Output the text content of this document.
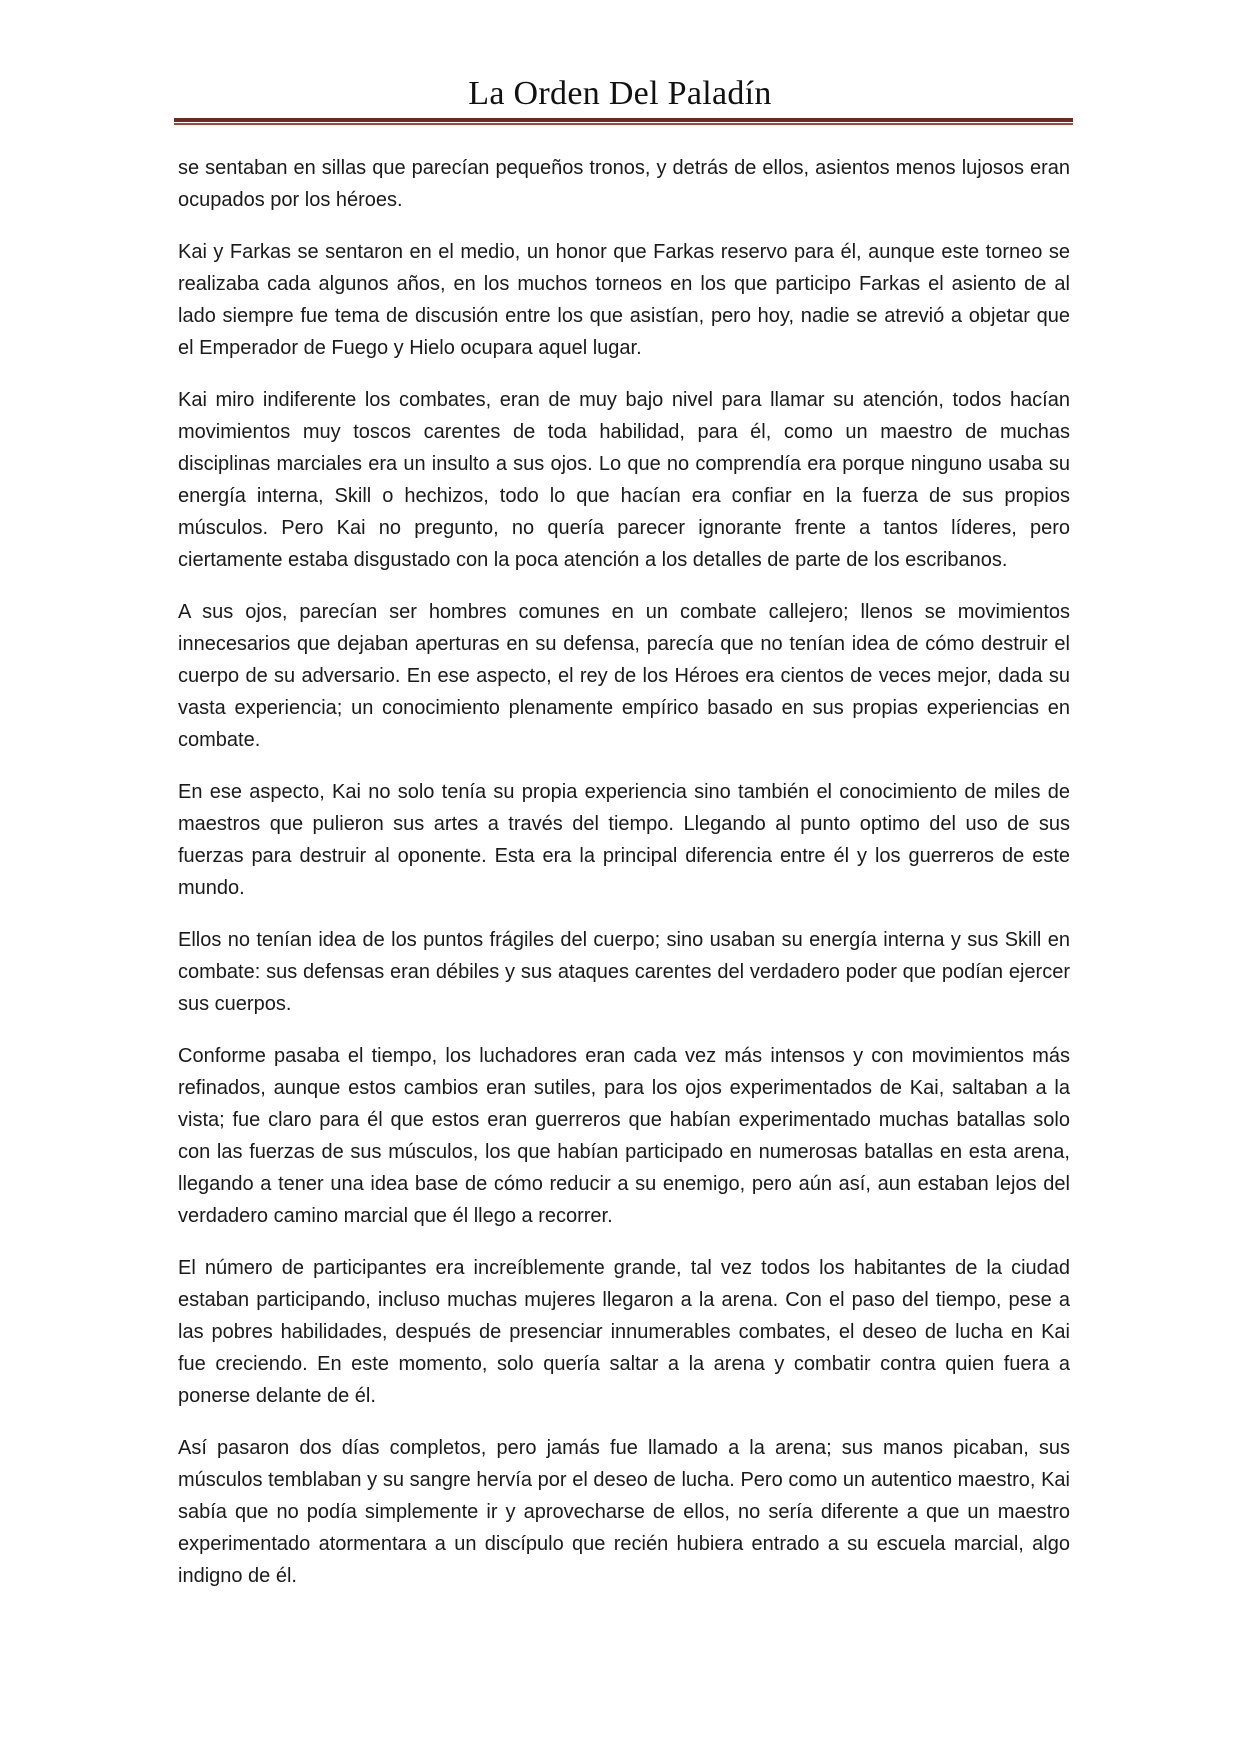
La Orden Del Paladín

se sentaban en sillas que parecían pequeños tronos, y detrás de ellos, asientos menos lujosos eran ocupados por los héroes.

Kai y Farkas se sentaron en el medio, un honor que Farkas reservo para él, aunque este torneo se realizaba cada algunos años, en los muchos torneos en los que participo Farkas el asiento de al lado siempre fue tema de discusión entre los que asistían, pero hoy, nadie se atrevió a objetar que el Emperador de Fuego y Hielo ocupara aquel lugar.

Kai miro indiferente los combates, eran de muy bajo nivel para llamar su atención, todos hacían movimientos muy toscos carentes de toda habilidad, para él, como un maestro de muchas disciplinas marciales era un insulto a sus ojos. Lo que no comprendía era porque ninguno usaba su energía interna, Skill o hechizos, todo lo que hacían era confiar en la fuerza de sus propios músculos. Pero Kai no pregunto, no quería parecer ignorante frente a tantos líderes, pero ciertamente estaba disgustado con la poca atención a los detalles de parte de los escribanos.

A sus ojos, parecían ser hombres comunes en un combate callejero; llenos se movimientos innecesarios que dejaban aperturas en su defensa, parecía que no tenían idea de cómo destruir el cuerpo de su adversario. En ese aspecto, el rey de los Héroes era cientos de veces mejor, dada su vasta experiencia; un conocimiento plenamente empírico basado en sus propias experiencias en combate.

En ese aspecto, Kai no solo tenía su propia experiencia sino también el conocimiento de miles de maestros que pulieron sus artes a través del tiempo. Llegando al punto optimo del uso de sus fuerzas para destruir al oponente. Esta era la principal diferencia entre él y los guerreros de este mundo.

Ellos no tenían idea de los puntos frágiles del cuerpo; sino usaban su energía interna y sus Skill en combate: sus defensas eran débiles y sus ataques carentes del verdadero poder que podían ejercer sus cuerpos.

Conforme pasaba el tiempo, los luchadores eran cada vez más intensos y con movimientos más refinados, aunque estos cambios eran sutiles, para los ojos experimentados de Kai, saltaban a la vista; fue claro para él que estos eran guerreros que habían experimentado muchas batallas solo con las fuerzas de sus músculos, los que habían participado en numerosas batallas en esta arena, llegando a tener una idea base de cómo reducir a su enemigo, pero aún así, aun estaban lejos del verdadero camino marcial que él llego a recorrer.

El número de participantes era increíblemente grande, tal vez todos los habitantes de la ciudad estaban participando, incluso muchas mujeres llegaron a la arena. Con el paso del tiempo, pese a las pobres habilidades, después de presenciar innumerables combates, el deseo de lucha en Kai fue creciendo. En este momento, solo quería saltar a la arena y combatir contra quien fuera a ponerse delante de él.

Así pasaron dos días completos, pero jamás fue llamado a la arena; sus manos picaban, sus músculos temblaban y su sangre hervía por el deseo de lucha. Pero como un autentico maestro, Kai sabía que no podía simplemente ir y aprovecharse de ellos, no sería diferente a que un maestro experimentado atormentara a un discípulo que recién hubiera entrado a su escuela marcial, algo indigno de él.
